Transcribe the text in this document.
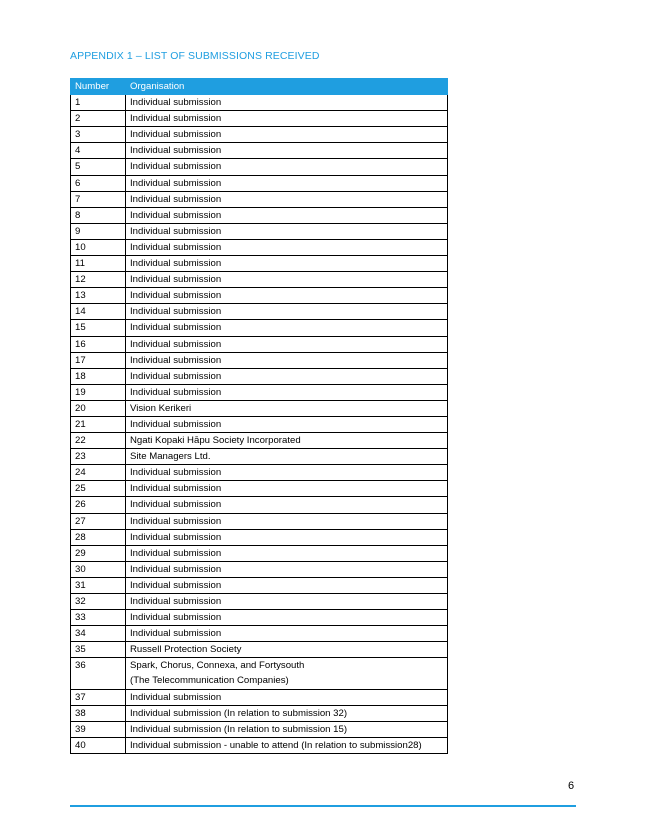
APPENDIX 1 – LIST OF SUBMISSIONS RECEIVED
Number	Organisation
1	Individual submission
2	Individual submission
3	Individual submission
4	Individual submission
5	Individual submission
6	Individual submission
7	Individual submission
8	Individual submission
9	Individual submission
10	Individual submission
11	Individual submission
12	Individual submission
13	Individual submission
14	Individual submission
15	Individual submission
16	Individual submission
17	Individual submission
18	Individual submission
19	Individual submission
20	Vision Kerikeri
21	Individual submission
22	Ngati Kopaki Hāpu Society Incorporated
23	Site Managers Ltd.
24	Individual submission
25	Individual submission
26	Individual submission
27	Individual submission
28	Individual submission
29	Individual submission
30	Individual submission
31	Individual submission
32	Individual submission
33	Individual submission
34	Individual submission
35	Russell Protection Society
36	Spark, Chorus, Connexa, and Fortysouth
(The Telecommunication Companies)

37	Individual submission
38	Individual submission (In relation to submission 32)
39	Individual submission (In relation to submission 15)
40	Individual submission - unable to attend (In relation to submission28)
6
